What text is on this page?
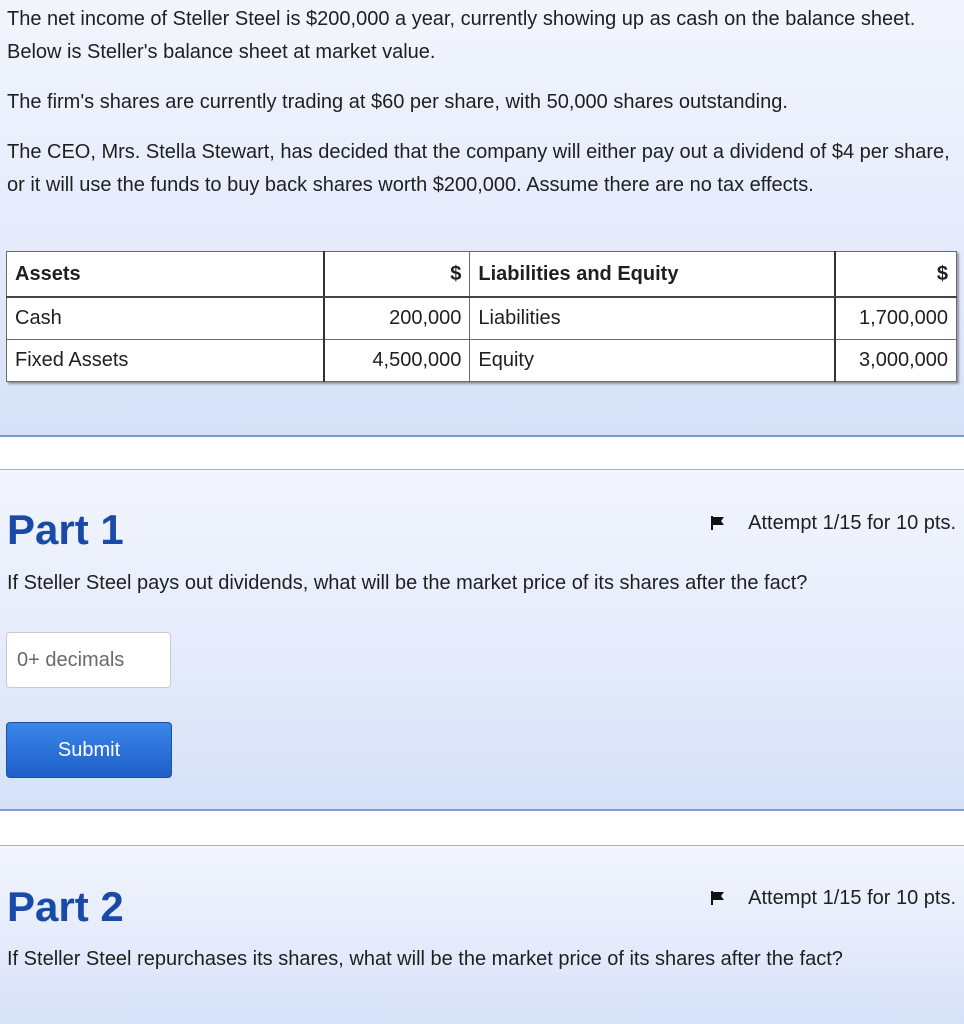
The net income of Steller Steel is $200,000 a year, currently showing up as cash on the balance sheet. Below is Steller's balance sheet at market value.

The firm's shares are currently trading at $60 per share, with 50,000 shares outstanding.

The CEO, Mrs. Stella Stewart, has decided that the company will either pay out a dividend of $4 per share, or it will use the funds to buy back shares worth $200,000. Assume there are no tax effects.

Assets	$	Liabilities and Equity	$
Cash	200,000	Liabilities	1,700,000
Fixed Assets	4,500,000	Equity	3,000,000
Part 1	Attempt 1/15 for 10 pts.

If Steller Steel pays out dividends, what will be the market price of its shares after the fact?

0+ decimals
Submit
Part 2	Attempt 1/15 for 10 pts.

If Steller Steel repurchases its shares, what will be the market price of its shares after the fact?
